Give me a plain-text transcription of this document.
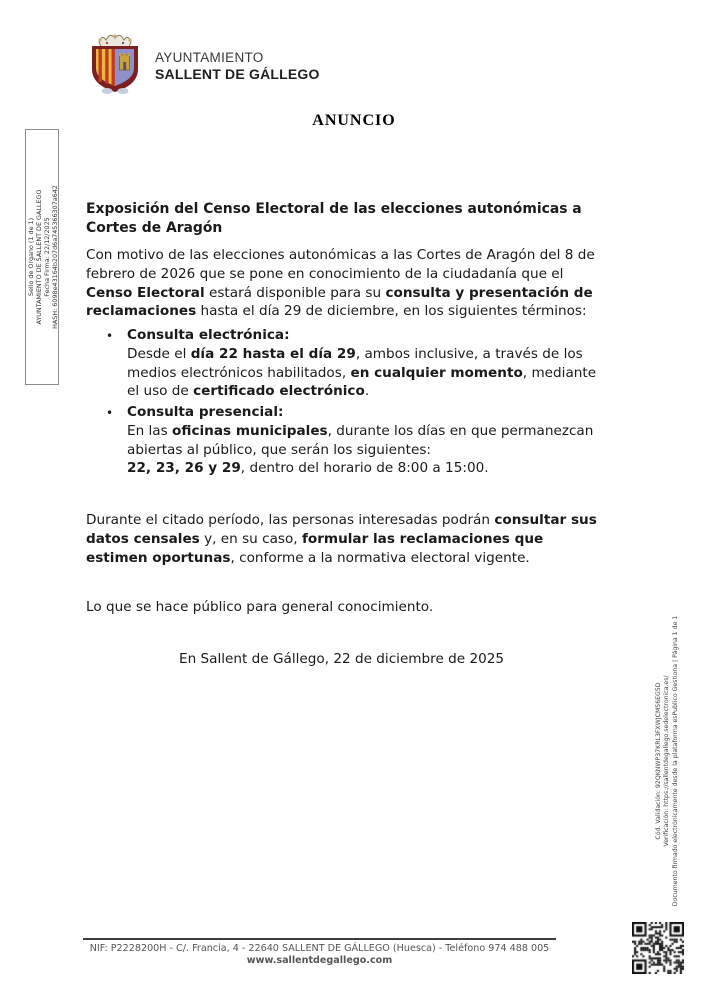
AYUNTAMIENTO
SALLENT DE GÁLLEGO
ANUNCIO
Sello de Organo (1 de 1) AYUNTAMIENTO DE SALLENT DE GALLEGO Fecha Firma: 22/12/2025 HASH: 6098e43164b207d6a745366307a642 Exposición del Censo Electoral de las elecciones autonómicas a
Cortes de Aragón
Con motivo de las elecciones autonómicas a las Cortes de Aragón del 8 de
febrero de 2026 que se pone en conocimiento de la ciudadanía que el
Censo Electoral estará disponible para su consulta y presentación de
reclamaciones hasta el día 29 de diciembre, en los siguientes términos:
• Consulta electrónica:
Desde el día 22 hasta el día 29, ambos inclusive, a través de los
medios electrónicos habilitados, en cualquier momento, mediante
el uso de certificado electrónico.
• Consulta presencial:
En las oficinas municipales, durante los días en que permanezcan
abiertas al público, que serán los siguientes:
22, 23, 26 y 29, dentro del horario de 8:00 a 15:00.
Durante el citado período, las personas interesadas podrán consultar sus
datos censales y, en su caso, formular las reclamaciones que
estimen oportunas, conforme a la normativa electoral vigente.
Lo que se hace público para general conocimiento.
En Sallent de Gállego, 22 de diciembre de 2025
Cód. Validación: 92QKNWP37KRL3FXWJCM56EG5D Verificación: https://sallentdegallego.sedelectronica.es/ Documento firmado electrónicamente desde la plataforma esPublico Gestiona | Página 1 de 1
NIF: P2228200H - C/. Francia, 4 - 22640 SALLENT DE GÁLLEGO (Huesca) - Teléfono 974 488 005
www.sallentdegallego.com
